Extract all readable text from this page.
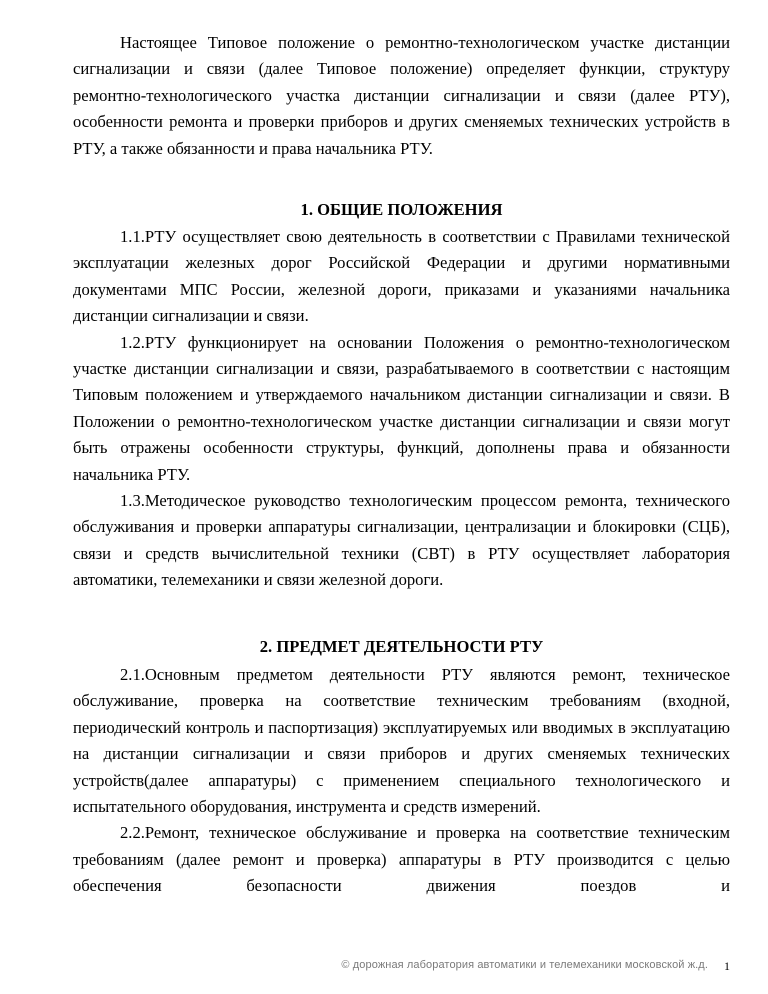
Настоящее Типовое положение о ремонтно-технологическом участке дистанции сигнализации и связи (далее Типовое положение) определяет функции, структуру ремонтно-технологического участка дистанции сигнализации и связи (далее РТУ), особенности ремонта и проверки приборов и других сменяемых технических устройств в РТУ, а также обязанности и права начальника РТУ.

1. ОБЩИЕ ПОЛОЖЕНИЯ

1.1.РТУ осуществляет свою деятельность в соответствии с Правилами технической эксплуатации железных дорог Российской Федерации и другими нормативными документами МПС России, железной дороги, приказами и указаниями начальника дистанции сигнализации и связи.

1.2.РТУ функционирует на основании Положения о ремонтно-технологическом участке дистанции сигнализации и связи, разрабатываемого в соответствии с настоящим Типовым положением и утверждаемого начальником дистанции сигнализации и связи. В Положении о ремонтно-технологическом участке дистанции сигнализации и связи могут быть отражены особенности структуры, функций, дополнены права и обязанности начальника РТУ.

1.3.Методическое руководство технологическим процессом ремонта, технического обслуживания и проверки аппаратуры сигнализации, централизации и блокировки (СЦБ), связи и средств вычислительной техники (СВТ) в РТУ осуществляет лаборатория автоматики, телемеханики и связи железной дороги.

2. ПРЕДМЕТ ДЕЯТЕЛЬНОСТИ РТУ

2.1.Основным предметом деятельности РТУ являются ремонт, техническое обслуживание, проверка на соответствие техническим требованиям (входной, периодический контроль и паспортизация) эксплуатируемых или вводимых в эксплуатацию на дистанции сигнализации и связи приборов и других сменяемых технических устройств(далее аппаратуры) с применением специального технологического и испытательного оборудования, инструмента и средств измерений.

2.2.Ремонт, техническое обслуживание и проверка на соответствие техническим требованиям (далее ремонт и проверка) аппаратуры в РТУ производится с целью обеспечения безопасности движения поездов и

© дорожная лаборатория автоматики и телемеханики московской ж.д. 1
